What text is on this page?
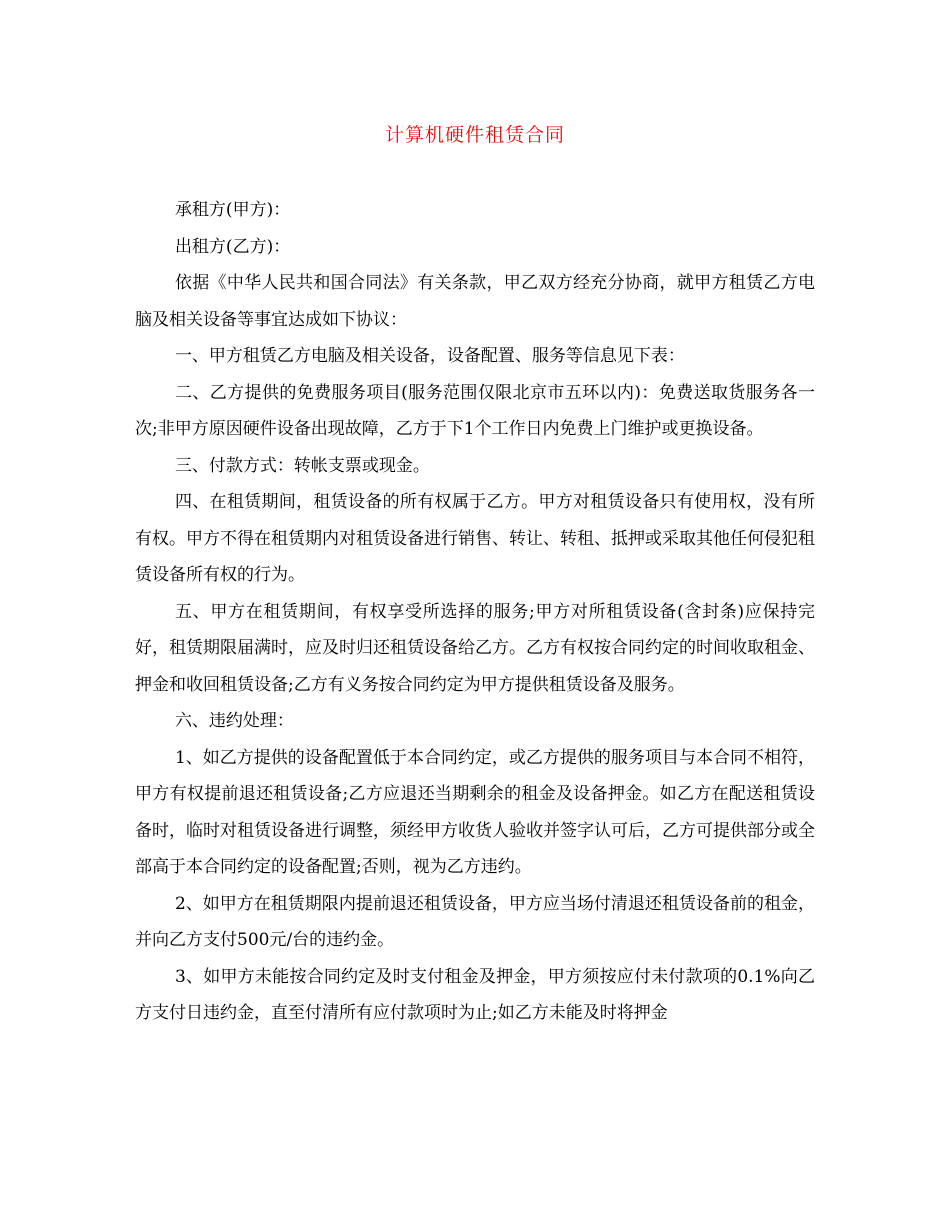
计算机硬件租赁合同

承租方(甲方)：

出租方(乙方)：

依据《中华人民共和国合同法》有关条款，甲乙双方经充分协商，就甲方租赁乙方电脑及相关设备等事宜达成如下协议：

一、甲方租赁乙方电脑及相关设备，设备配置、服务等信息见下表：

二、乙方提供的免费服务项目(服务范围仅限北京市五环以内)：免费送取货服务各一次;非甲方原因硬件设备出现故障，乙方于下1个工作日内免费上门维护或更换设备。

三、付款方式：转帐支票或现金。

四、在租赁期间，租赁设备的所有权属于乙方。甲方对租赁设备只有使用权，没有所有权。甲方不得在租赁期内对租赁设备进行销售、转让、转租、抵押或采取其他任何侵犯租赁设备所有权的行为。

五、甲方在租赁期间，有权享受所选择的服务;甲方对所租赁设备(含封条)应保持完好，租赁期限届满时，应及时归还租赁设备给乙方。乙方有权按合同约定的时间收取租金、押金和收回租赁设备;乙方有义务按合同约定为甲方提供租赁设备及服务。

六、违约处理：

1、如乙方提供的设备配置低于本合同约定，或乙方提供的服务项目与本合同不相符，甲方有权提前退还租赁设备;乙方应退还当期剩余的租金及设备押金。如乙方在配送租赁设备时，临时对租赁设备进行调整，须经甲方收货人验收并签字认可后，乙方可提供部分或全部高于本合同约定的设备配置;否则，视为乙方违约。

2、如甲方在租赁期限内提前退还租赁设备，甲方应当场付清退还租赁设备前的租金，并向乙方支付500元/台的违约金。

3、如甲方未能按合同约定及时支付租金及押金，甲方须按应付未付款项的0.1%向乙方支付日违约金，直至付清所有应付款项时为止;如乙方未能及时将押金
